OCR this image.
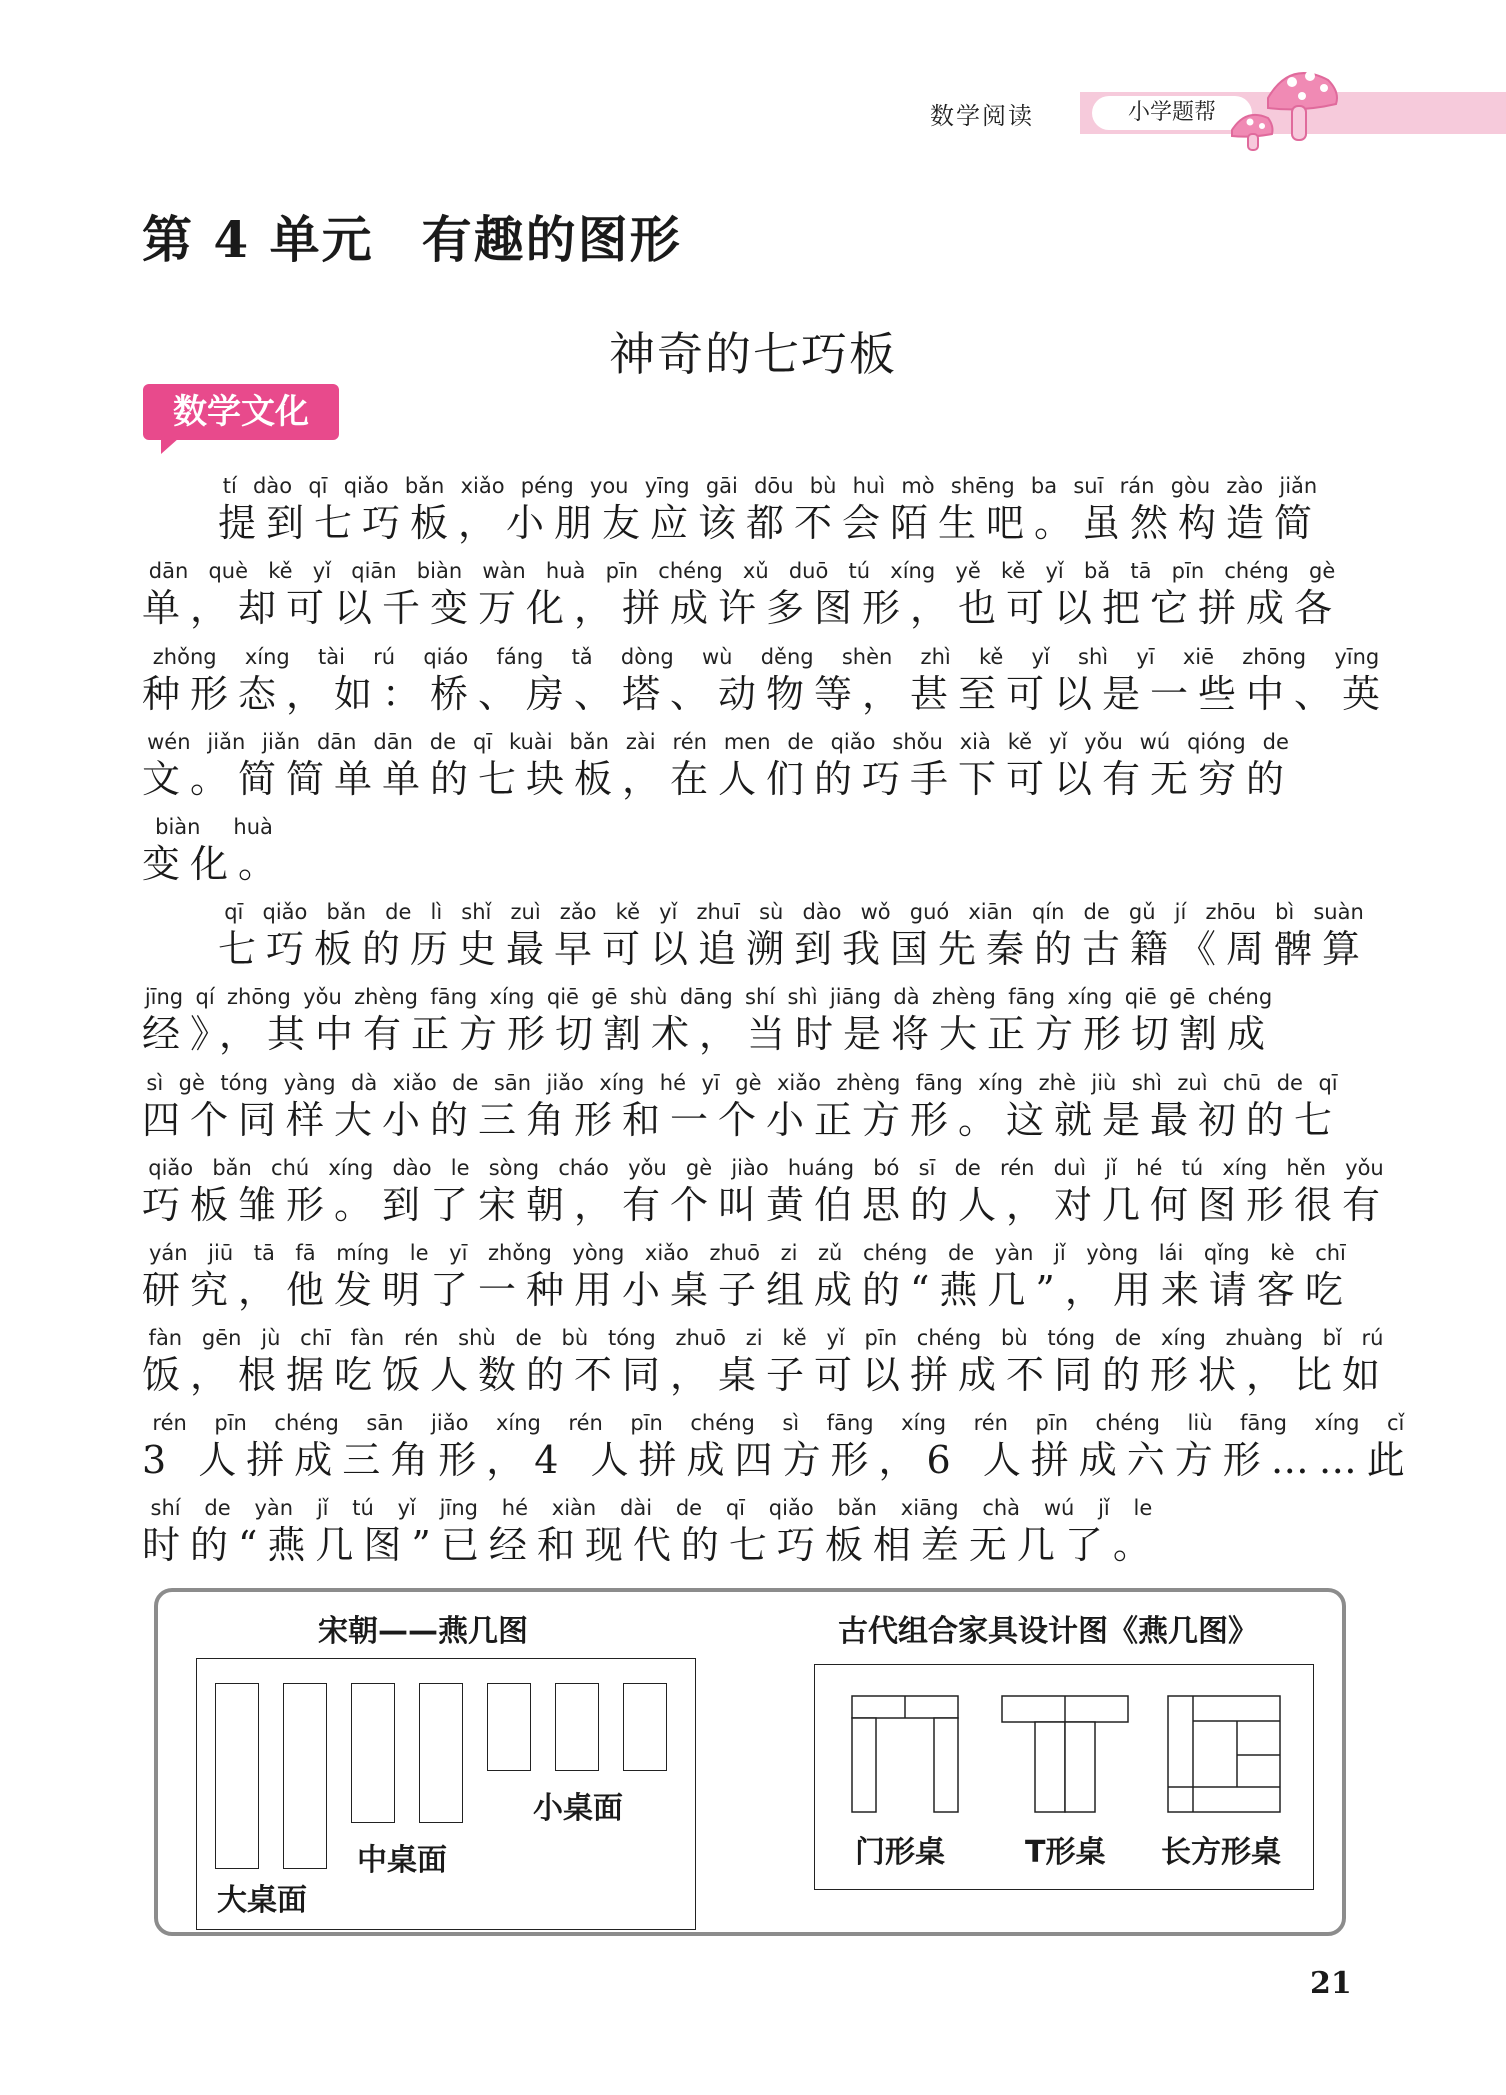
数学阅读	小学题帮
第 4 单元 有趣的图形
神奇的七巧板
数学文化
提到七巧板，小朋友应该都不会陌生吧。虽然构造简tí dào qī qiǎo bǎn xiǎo péng you yīng gāi dōu bù huì mò shēng ba suī rán gòu zào jiǎn
单，却可以千变万化，拼成许多图形，也可以把它拼成各dān què kě yǐ qiān biàn wàn huà pīn chéng xǔ duō tú xíng yě kě yǐ bǎ tā pīn chéng gè
种形态，如：桥、房、塔、动物等，甚至可以是一些中、英zhǒng xíng tài rú qiáo fáng tǎ dòng wù děng shèn zhì kě yǐ shì yī xiē zhōng yīng
文。简简单单的七块板，在人们的巧手下可以有无穷的wén jiǎn jiǎn dān dān de qī kuài bǎn zài rén men de qiǎo shǒu xià kě yǐ yǒu wú qióng de
变化。biàn huà
七巧板的历史最早可以追溯到我国先秦的古籍《周髀算qī qiǎo bǎn de lì shǐ zuì zǎo kě yǐ zhuī sù dào wǒ guó xiān qín de gǔ jí zhōu bì suàn
经》，其中有正方形切割术，当时是将大正方形切割成jīng qí zhōng yǒu zhèng fāng xíng qiē gē shù dāng shí shì jiāng dà zhèng fāng xíng qiē gē chéng
四个同样大小的三角形和一个小正方形。这就是最初的七sì gè tóng yàng dà xiǎo de sān jiǎo xíng hé yī gè xiǎo zhèng fāng xíng zhè jiù shì zuì chū de qī
巧板雏形。到了宋朝，有个叫黄伯思的人，对几何图形很有qiǎo bǎn chú xíng dào le sòng cháo yǒu gè jiào huáng bó sī de rén duì jǐ hé tú xíng hěn yǒu
研究，他发明了一种用小桌子组成的“燕几”，用来请客吃yán jiū tā fā míng le yī zhǒng yòng xiǎo zhuō zi zǔ chéng de yàn jǐ yòng lái qǐng kè chī
饭，根据吃饭人数的不同，桌子可以拼成不同的形状，比如fàn gēn jù chī fàn rén shù de bù tóng zhuō zi kě yǐ pīn chéng bù tóng de xíng zhuàng bǐ rú
3 人拼成三角形，4 人拼成四方形，6 人拼成六方形……此rén pīn chéng sān jiǎo xíng rén pīn chéng sì fāng xíng rén pīn chéng liù fāng xíng cǐ
时的“燕几图”已经和现代的七巧板相差无几了。shí de yàn jǐ tú yǐ jīng hé xiàn dài de qī qiǎo bǎn xiāng chà wú jǐ le
宋朝——燕几图
小桌面
中桌面
大桌面
古代组合家具设计图《燕几图》
门形桌	T形桌 长方形桌
21
